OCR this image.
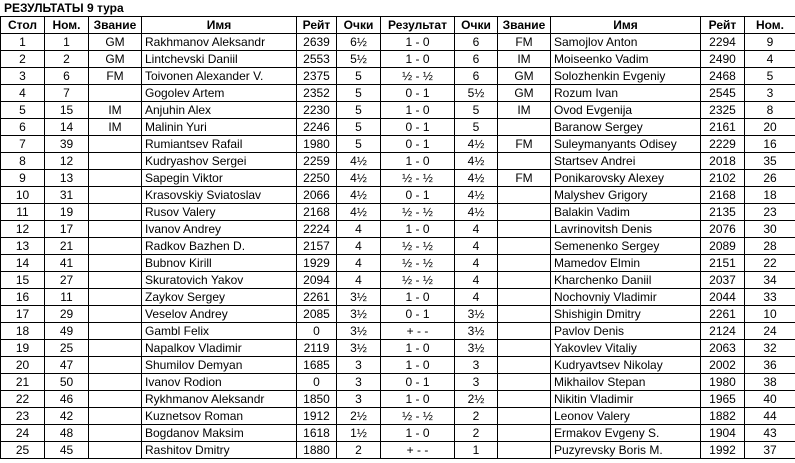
РЕЗУЛЬТАТЫ 9 тура
Стол	Ном.	Звание	Имя	Рейт	Очки	Результат	Очки	Звание	Имя	Рейт	Ном.
1	1	GM	Rakhmanov Aleksandr	2639	6½	1 - 0	6	FM	Samojlov Anton	2294	9
2	2	GM	Lintchevski Daniil	2553	5½	1 - 0	6	IM	Moiseenko Vadim	2490	4
3	6	FM	Toivonen Alexander V.	2375	5	½ - ½	6	GM	Solozhenkin Evgeniy	2468	5
4	7		Gogolev Artem	2352	5	0 - 1	5½	GM	Rozum Ivan	2545	3
5	15	IM	Anjuhin Alex	2230	5	1 - 0	5	IM	Ovod Evgenija	2325	8
6	14	IM	Malinin Yuri	2246	5	0 - 1	5		Baranow Sergey	2161	20
7	39		Rumiantsev Rafail	1980	5	0 - 1	4½	FM	Suleymanyants Odisey	2229	16
8	12		Kudryashov Sergei	2259	4½	1 - 0	4½		Startsev Andrei	2018	35
9	13		Sapegin Viktor	2250	4½	½ - ½	4½	FM	Ponikarovsky Alexey	2102	26
10	31		Krasovskiy Sviatoslav	2066	4½	0 - 1	4½		Malyshev Grigory	2168	18
11	19		Rusov Valery	2168	4½	½ - ½	4½		Balakin Vadim	2135	23
12	17		Ivanov Andrey	2224	4	1 - 0	4		Lavrinovitsh Denis	2076	30
13	21		Radkov Bazhen D.	2157	4	½ - ½	4		Semenenko Sergey	2089	28
14	41		Bubnov Kirill	1929	4	½ - ½	4		Mamedov Elmin	2151	22
15	27		Skuratovich Yakov	2094	4	½ - ½	4		Kharchenko Daniil	2037	34
16	11		Zaykov Sergey	2261	3½	1 - 0	4		Nochovniy Vladimir	2044	33
17	29		Veselov Andrey	2085	3½	0 - 1	3½		Shishigin Dmitry	2261	10
18	49		Gambl Felix	0	3½	+ - -	3½		Pavlov Denis	2124	24
19	25		Napalkov Vladimir	2119	3½	1 - 0	3½		Yakovlev Vitaliy	2063	32
20	47		Shumilov Demyan	1685	3	1 - 0	3		Kudryavtsev Nikolay	2002	36
21	50		Ivanov Rodion	0	3	0 - 1	3		Mikhailov Stepan	1980	38
22	46		Rykhmanov Aleksandr	1850	3	1 - 0	2½		Nikitin Vladimir	1965	40
23	42		Kuznetsov Roman	1912	2½	½ - ½	2		Leonov Valery	1882	44
24	48		Bogdanov Maksim	1618	1½	1 - 0	2		Ermakov Evgeny S.	1904	43
25	45		Rashitov Dmitry	1880	2	+ - -	1		Puzyrevsky Boris M.	1992	37
